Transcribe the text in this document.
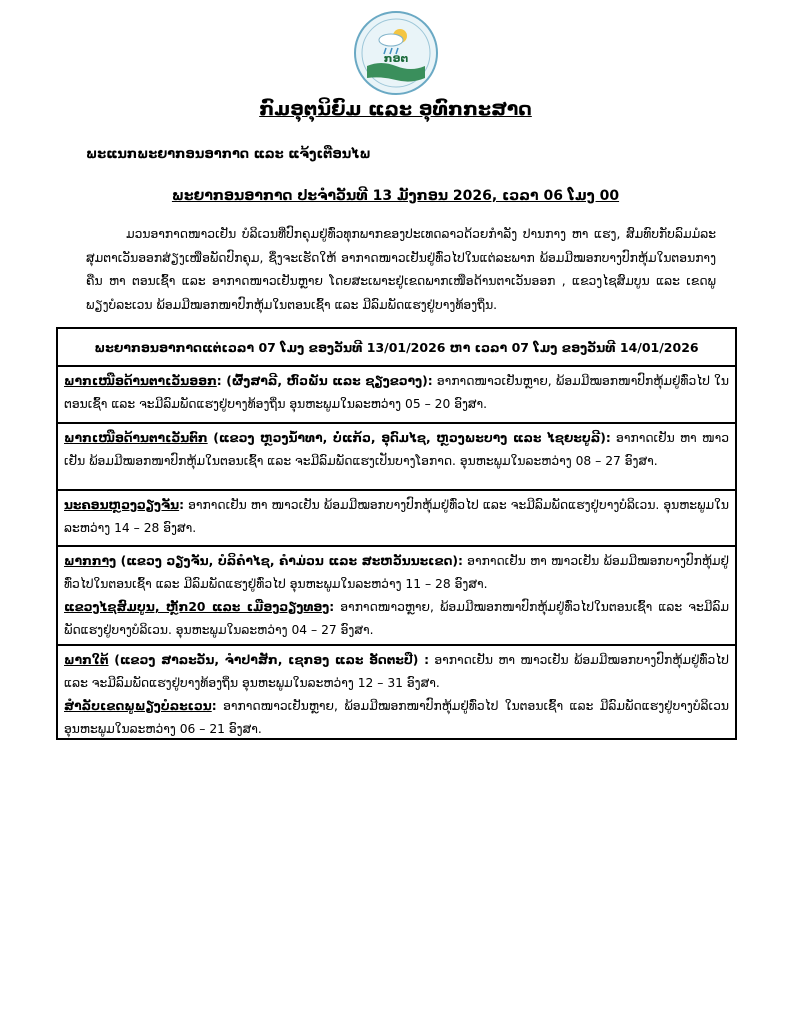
ກອຕ
ກົມອຸຕຸນິຍົມ ແລະ ອຸທົກກະສາດ
ພະແນກພະຍາກອນອາກາດ ແລະ ແຈ້ງເຕືອນໄພ
ພະຍາກອນອາກາດ ປະຈຳວັນທີ 13 ມັງກອນ 2026, ເວລາ 06 ໂມງ 00

ມວນອາກາດໜາວເຢັນ ບໍລິເວນທີ່ປົກຄຸມຢູ່ທົ່ວທຸກພາກຂອງປະເທດລາວດ້ວຍກຳລັງ ປານກາງ ຫາ ແຮງ, ສົມທົບກັບລົມມໍລະສຸມຕາເວັນອອກສ່ຽງເໜືອພັດປົກຄຸມ, ຊຶ່ງຈະເຮັດໃຫ້ ອາກາດໜາວເຢັນຢູ່ທົ່ວໄປໃນແຕ່ລະພາກ ພ້ອມມີໝອກບາງປົກຫຸ້ມໃນຕອນກາງຄືນ ຫາ ຕອນເຊົ້າ ແລະ ອາກາດໜາວເຢັນຫຼາຍ ໂດຍສະເພາະຢູ່ເຂດພາກເໜືອດ້ານຕາເວັນອອກ , ແຂວງໄຊສົມບູນ ແລະ ເຂດພູພຽງບໍລະເວນ ພ້ອມມີໝອກໜາປົກຫຸ້ມໃນຕອນເຊົ້າ ແລະ ມີລົມພັດແຮງຢູ່ບາງທ້ອງຖິ່ນ.

ພະຍາກອນອາກາດແຕ່ເວລາ 07 ໂມງ ຂອງວັນທີ 13/01/2026 ຫາ ເວລາ 07 ໂມງ ຂອງວັນທີ 14/01/2026

ພາກເໜືອດ້ານຕາເວັນອອກ: (ຜົ້ງສາລີ, ຫົວພັນ ແລະ ຊຽງຂວາງ): ອາກາດໜາວເຢັນຫຼາຍ, ພ້ອມມີໝອກໜາປົກຫຸ້ມຢູ່ທົ່ວໄປ ໃນຕອນເຊົ້າ ແລະ ຈະມີລົມພັດແຮງຢູ່ບາງທ້ອງຖິ່ນ ອຸນຫະພູມໃນລະຫວ່າງ 05 – 20 ອົງສາ.

ພາກເໜືອດ້ານຕາເວັນຕົກ (ແຂວງ ຫຼວງນ້ຳທາ, ບໍ່ແກ້ວ, ອຸດົມໄຊ, ຫຼວງພະບາງ ແລະ ໄຊຍະບູລີ): ອາກາດເຢັນ ຫາ ໜາວເຢັນ ພ້ອມມີໝອກໜາປົກຫຸ້ມໃນຕອນເຊົ້າ ແລະ ຈະມີລົມພັດແຮງເປັນບາງໂອກາດ. ອຸນຫະພູມໃນລະຫວ່າງ 08 – 27 ອົງສາ.

ນະຄອນຫຼວງວຽງຈັນ: ອາກາດເຢັນ ຫາ ໜາວເຢັນ ພ້ອມມີໝອກບາງປົກຫຸ້ມຢູ່ທົ່ວໄປ ແລະ ຈະມີລົມພັດແຮງຢູ່ບາງບໍລິເວນ. ອຸນຫະພູມໃນລະຫວ່າງ 14 – 28 ອົງສາ.

ພາກກາງ (ແຂວງ ວຽງຈັນ, ບໍລິຄຳໄຊ, ຄຳມ່ວນ ແລະ ສະຫວັນນະເຂດ): ອາກາດເຢັນ ຫາ ໜາວເຢັນ ພ້ອມມີໝອກບາງປົກຫຸ້ມຢູ່ທົ່ວໄປໃນຕອນເຊົ້າ ແລະ ມີລົມພັດແຮງຢູ່ທົ່ວໄປ ອຸນຫະພູມໃນລະຫວ່າງ 11 – 28 ອົງສາ.

ແຂວງໄຊສົມບູນ, ຫຼັກ20 ແລະ ເມືອງວຽງທອງ: ອາກາດໜາວຫຼາຍ, ພ້ອມມີໝອກໜາປົກຫຸ້ມຢູ່ທົ່ວໄປໃນຕອນເຊົ້າ ແລະ ຈະມີລົມພັດແຮງຢູ່ບາງບໍລິເວນ. ອຸນຫະພູມໃນລະຫວ່າງ 04 – 27 ອົງສາ.

ພາກໃຕ້ (ແຂວງ ສາລະວັນ, ຈຳປາສັກ, ເຊກອງ ແລະ ອັດຕະປື) : ອາກາດເຢັນ ຫາ ໜາວເຢັນ ພ້ອມມີໝອກບາງປົກຫຸ້ມຢູ່ທົ່ວໄປ ແລະ ຈະມີລົມພັດແຮງຢູ່ບາງທ້ອງຖິ່ນ ອຸນຫະພູມໃນລະຫວ່າງ 12 – 31 ອົງສາ.

ສຳລັບເຂດພູພຽງບໍລະເວນ: ອາກາດໜາວເຢັນຫຼາຍ, ພ້ອມມີໝອກໜາປົກຫຸ້ມຢູ່ທົ່ວໄປ ໃນຕອນເຊົ້າ ແລະ ມີລົມພັດແຮງຢູ່ບາງບໍລິເວນ ອຸນຫະພູມໃນລະຫວ່າງ 06 – 21 ອົງສາ.
